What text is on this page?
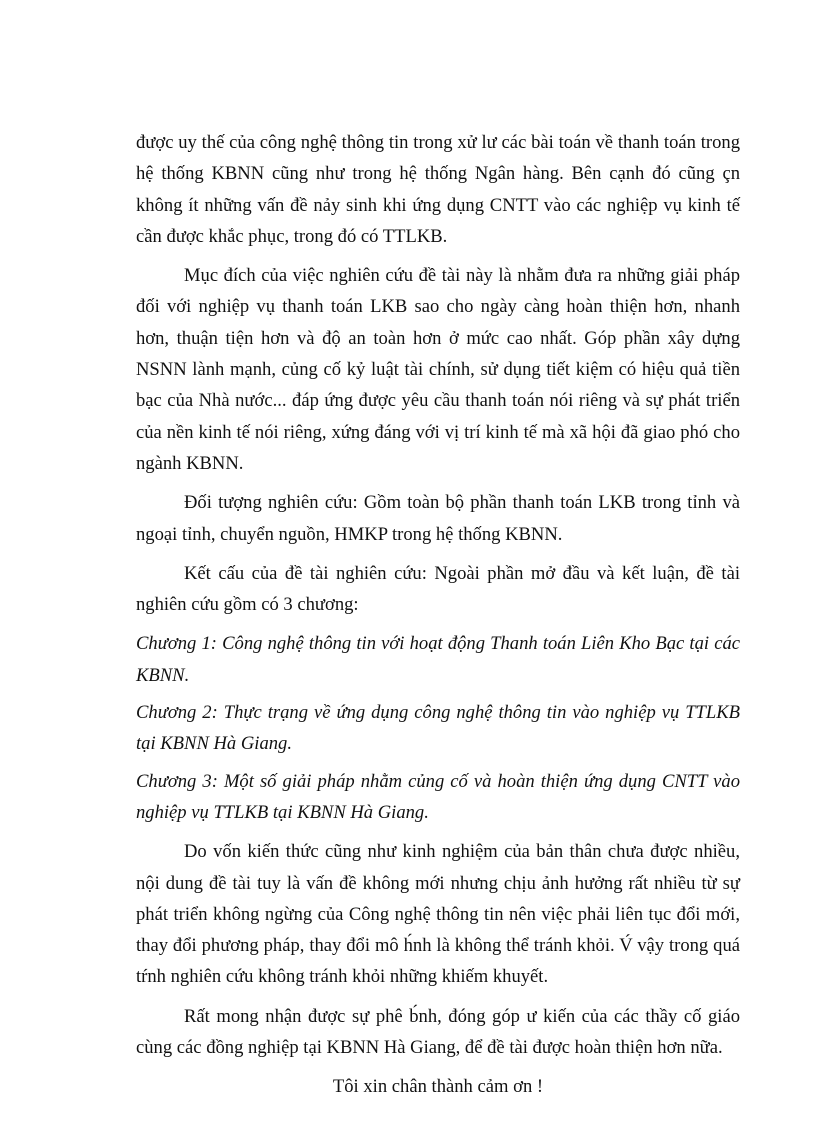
được uy thế của công nghệ thông tin trong xử lư các bài toán về thanh toán trong hệ thống KBNN cũng như trong hệ thống Ngân hàng. Bên cạnh đó cũng çn không ít những vấn đề nảy sinh khi ứng dụng CNTT vào các nghiệp vụ kinh tế cần được khắc phục, trong đó có TTLKB.

Mục đích của việc nghiên cứu đề tài này là nhằm đưa ra những giải pháp đối với nghiệp vụ thanh toán LKB sao cho ngày càng hoàn thiện hơn, nhanh hơn, thuận tiện hơn và độ an toàn hơn ở mức cao nhất. Góp phần xây dựng NSNN lành mạnh, củng cố kỷ luật tài chính, sử dụng tiết kiệm có hiệu quả tiền bạc của Nhà nước... đáp ứng được yêu cầu thanh toán nói riêng và sự phát triển của nền kinh tế nói riêng, xứng đáng với vị trí kinh tế mà xã hội đã giao phó cho ngành KBNN.

Đối tượng nghiên cứu: Gồm toàn bộ phần thanh toán LKB trong tỉnh và ngoại tỉnh, chuyển nguồn, HMKP trong hệ thống KBNN.

Kết cấu của đề tài nghiên cứu: Ngoài phần mở đầu và kết luận, đề tài nghiên cứu gồm có 3 chương:

Chương 1: Công nghệ thông tin với hoạt động Thanh toán Liên Kho Bạc tại các KBNN.

Chương 2: Thực trạng về ứng dụng công nghệ thông tin vào nghiệp vụ TTLKB tại KBNN Hà Giang.

Chương 3: Một số giải pháp nhằm củng cố và hoàn thiện ứng dụng CNTT vào nghiệp vụ TTLKB tại KBNN Hà Giang.

Do vốn kiến thức cũng như kinh nghiệm của bản thân chưa được nhiều, nội dung đề tài tuy là vấn đề không mới nhưng chịu ảnh hưởng rất nhiều từ sự phát triển không ngừng của Công nghệ thông tin nên việc phải liên tục đổi mới, thay đổi phương pháp, thay đổi mô h́nh là không thể tránh khỏi. V́ vậy trong quá tŕnh nghiên cứu không tránh khỏi những khiếm khuyết.

Rất mong nhận được sự phê b́nh, đóng góp ư kiến của các thầy cố giáo cùng các đồng nghiệp tại KBNN Hà Giang, để đề tài được hoàn thiện hơn nữa.

Tôi xin chân thành cảm ơn !
